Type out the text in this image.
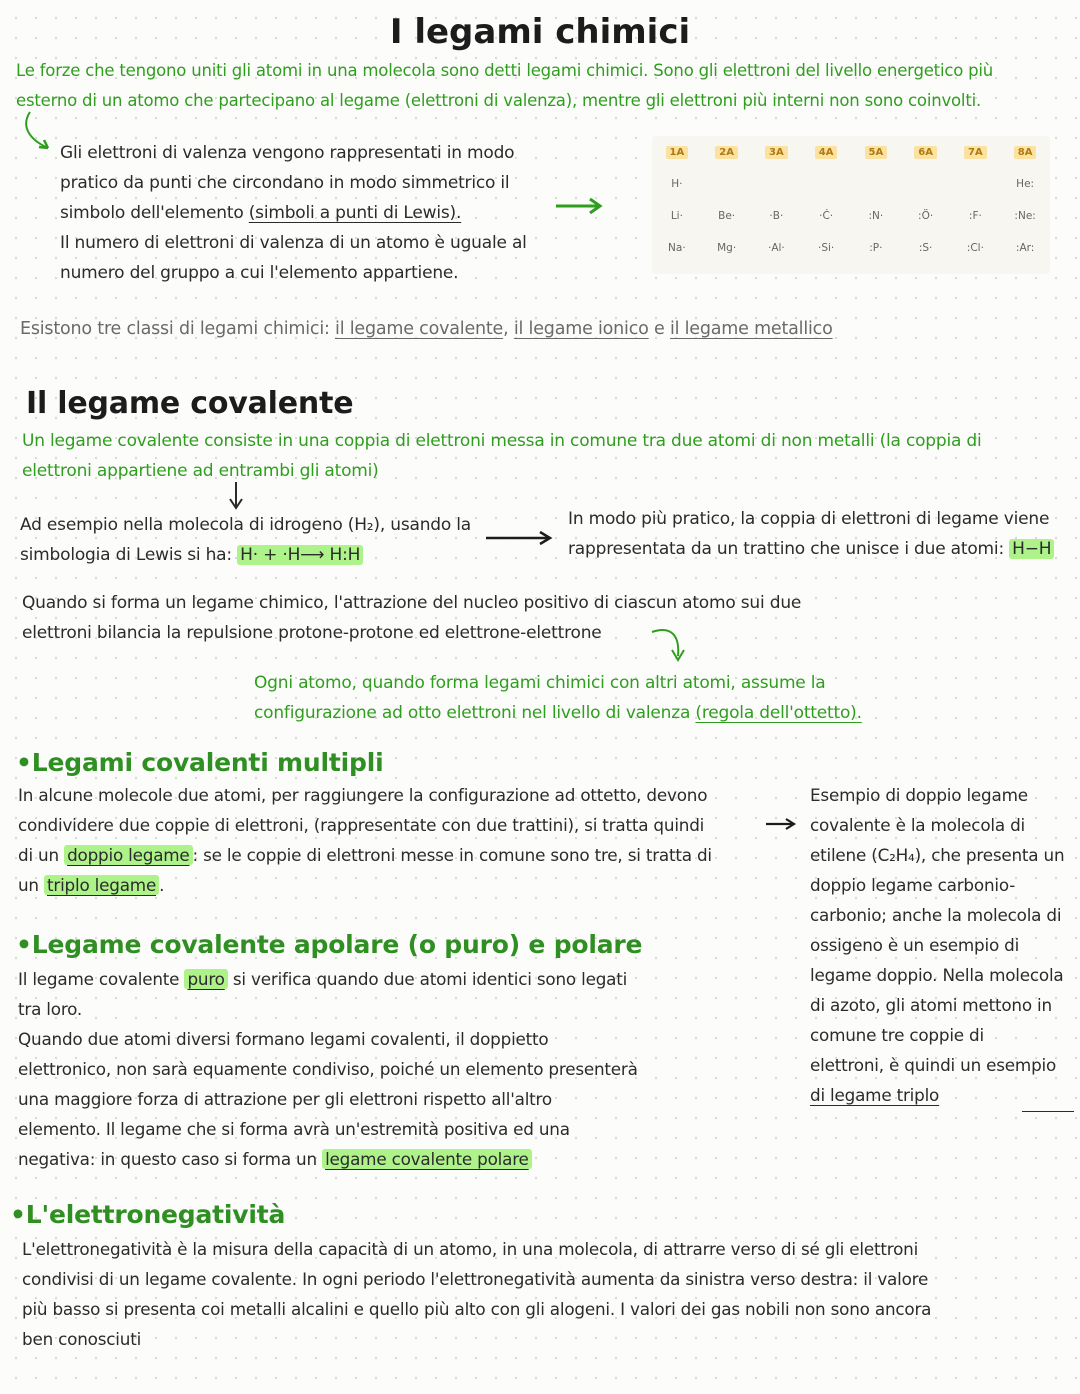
I legami chimici
Le forze che tengono uniti gli atomi in una molecola sono detti legami chimici. Sono gli elettroni del livello energetico più
esterno di un atomo che partecipano al legame (elettroni di valenza), mentre gli elettroni più interni non sono coinvolti.
Gli elettroni di valenza vengono rappresentati in modo
pratico da punti che circondano in modo simmetrico il
simbolo dell'elemento (simboli a punti di Lewis).
Il numero di elettroni di valenza di un atomo è uguale al
numero del gruppo a cui l'elemento appartiene.
1A	2A	3A	4A	5A	6A	7A	8A
H·							He:
Li·	Be·	·B·	·Ċ·	:N·	:Ö·	:F·	:Ne:
Na·	Mg·	·Al·	·Si·	:P·	:S·	:Cl·	:Ar:
Esistono tre classi di legami chimici: il legame covalente, il legame ionico e il legame metallico
Il legame covalente
Un legame covalente consiste in una coppia di elettroni messa in comune tra due atomi di non metalli (la coppia di
elettroni appartiene ad entrambi gli atomi)
Ad esempio nella molecola di idrogeno (H₂), usando la
simbologia di Lewis si ha: H· + ·H⟶ H:H
In modo più pratico, la coppia di elettroni di legame viene
rappresentata da un trattino che unisce i due atomi: H−H
Quando si forma un legame chimico, l'attrazione del nucleo positivo di ciascun atomo sui due
elettroni bilancia la repulsione protone-protone ed elettrone-elettrone
Ogni atomo, quando forma legami chimici con altri atomi, assume la
configurazione ad otto elettroni nel livello di valenza (regola dell'ottetto).
•Legami covalenti multipli
In alcune molecole due atomi, per raggiungere la configurazione ad ottetto, devono
condividere due coppie di elettroni, (rappresentate con due trattini), si tratta quindi
di un doppio legame : se le coppie di elettroni messe in comune sono tre, si tratta di
un triplo legame .
Esempio di doppio legame
covalente è la molecola di
etilene (C₂H₄), che presenta un
doppio legame carbonio-
carbonio; anche la molecola di
ossigeno è un esempio di
legame doppio. Nella molecola
di azoto, gli atomi mettono in
comune tre coppie di
elettroni, è quindi un esempio
di legame triplo
•Legame covalente apolare (o puro) e polare
Il legame covalente puro si verifica quando due atomi identici sono legati
tra loro.
Quando due atomi diversi formano legami covalenti, il doppietto
elettronico, non sarà equamente condiviso, poiché un elemento presenterà
una maggiore forza di attrazione per gli elettroni rispetto all'altro
elemento. Il legame che si forma avrà un'estremità positiva ed una
negativa: in questo caso si forma un legame covalente polare
•L'elettronegatività
L'elettronegatività è la misura della capacità di un atomo, in una molecola, di attrarre verso di sé gli elettroni
condivisi di un legame covalente. In ogni periodo l'elettronegatività aumenta da sinistra verso destra: il valore
più basso si presenta coi metalli alcalini e quello più alto con gli alogeni. I valori dei gas nobili non sono ancora
ben conosciuti
